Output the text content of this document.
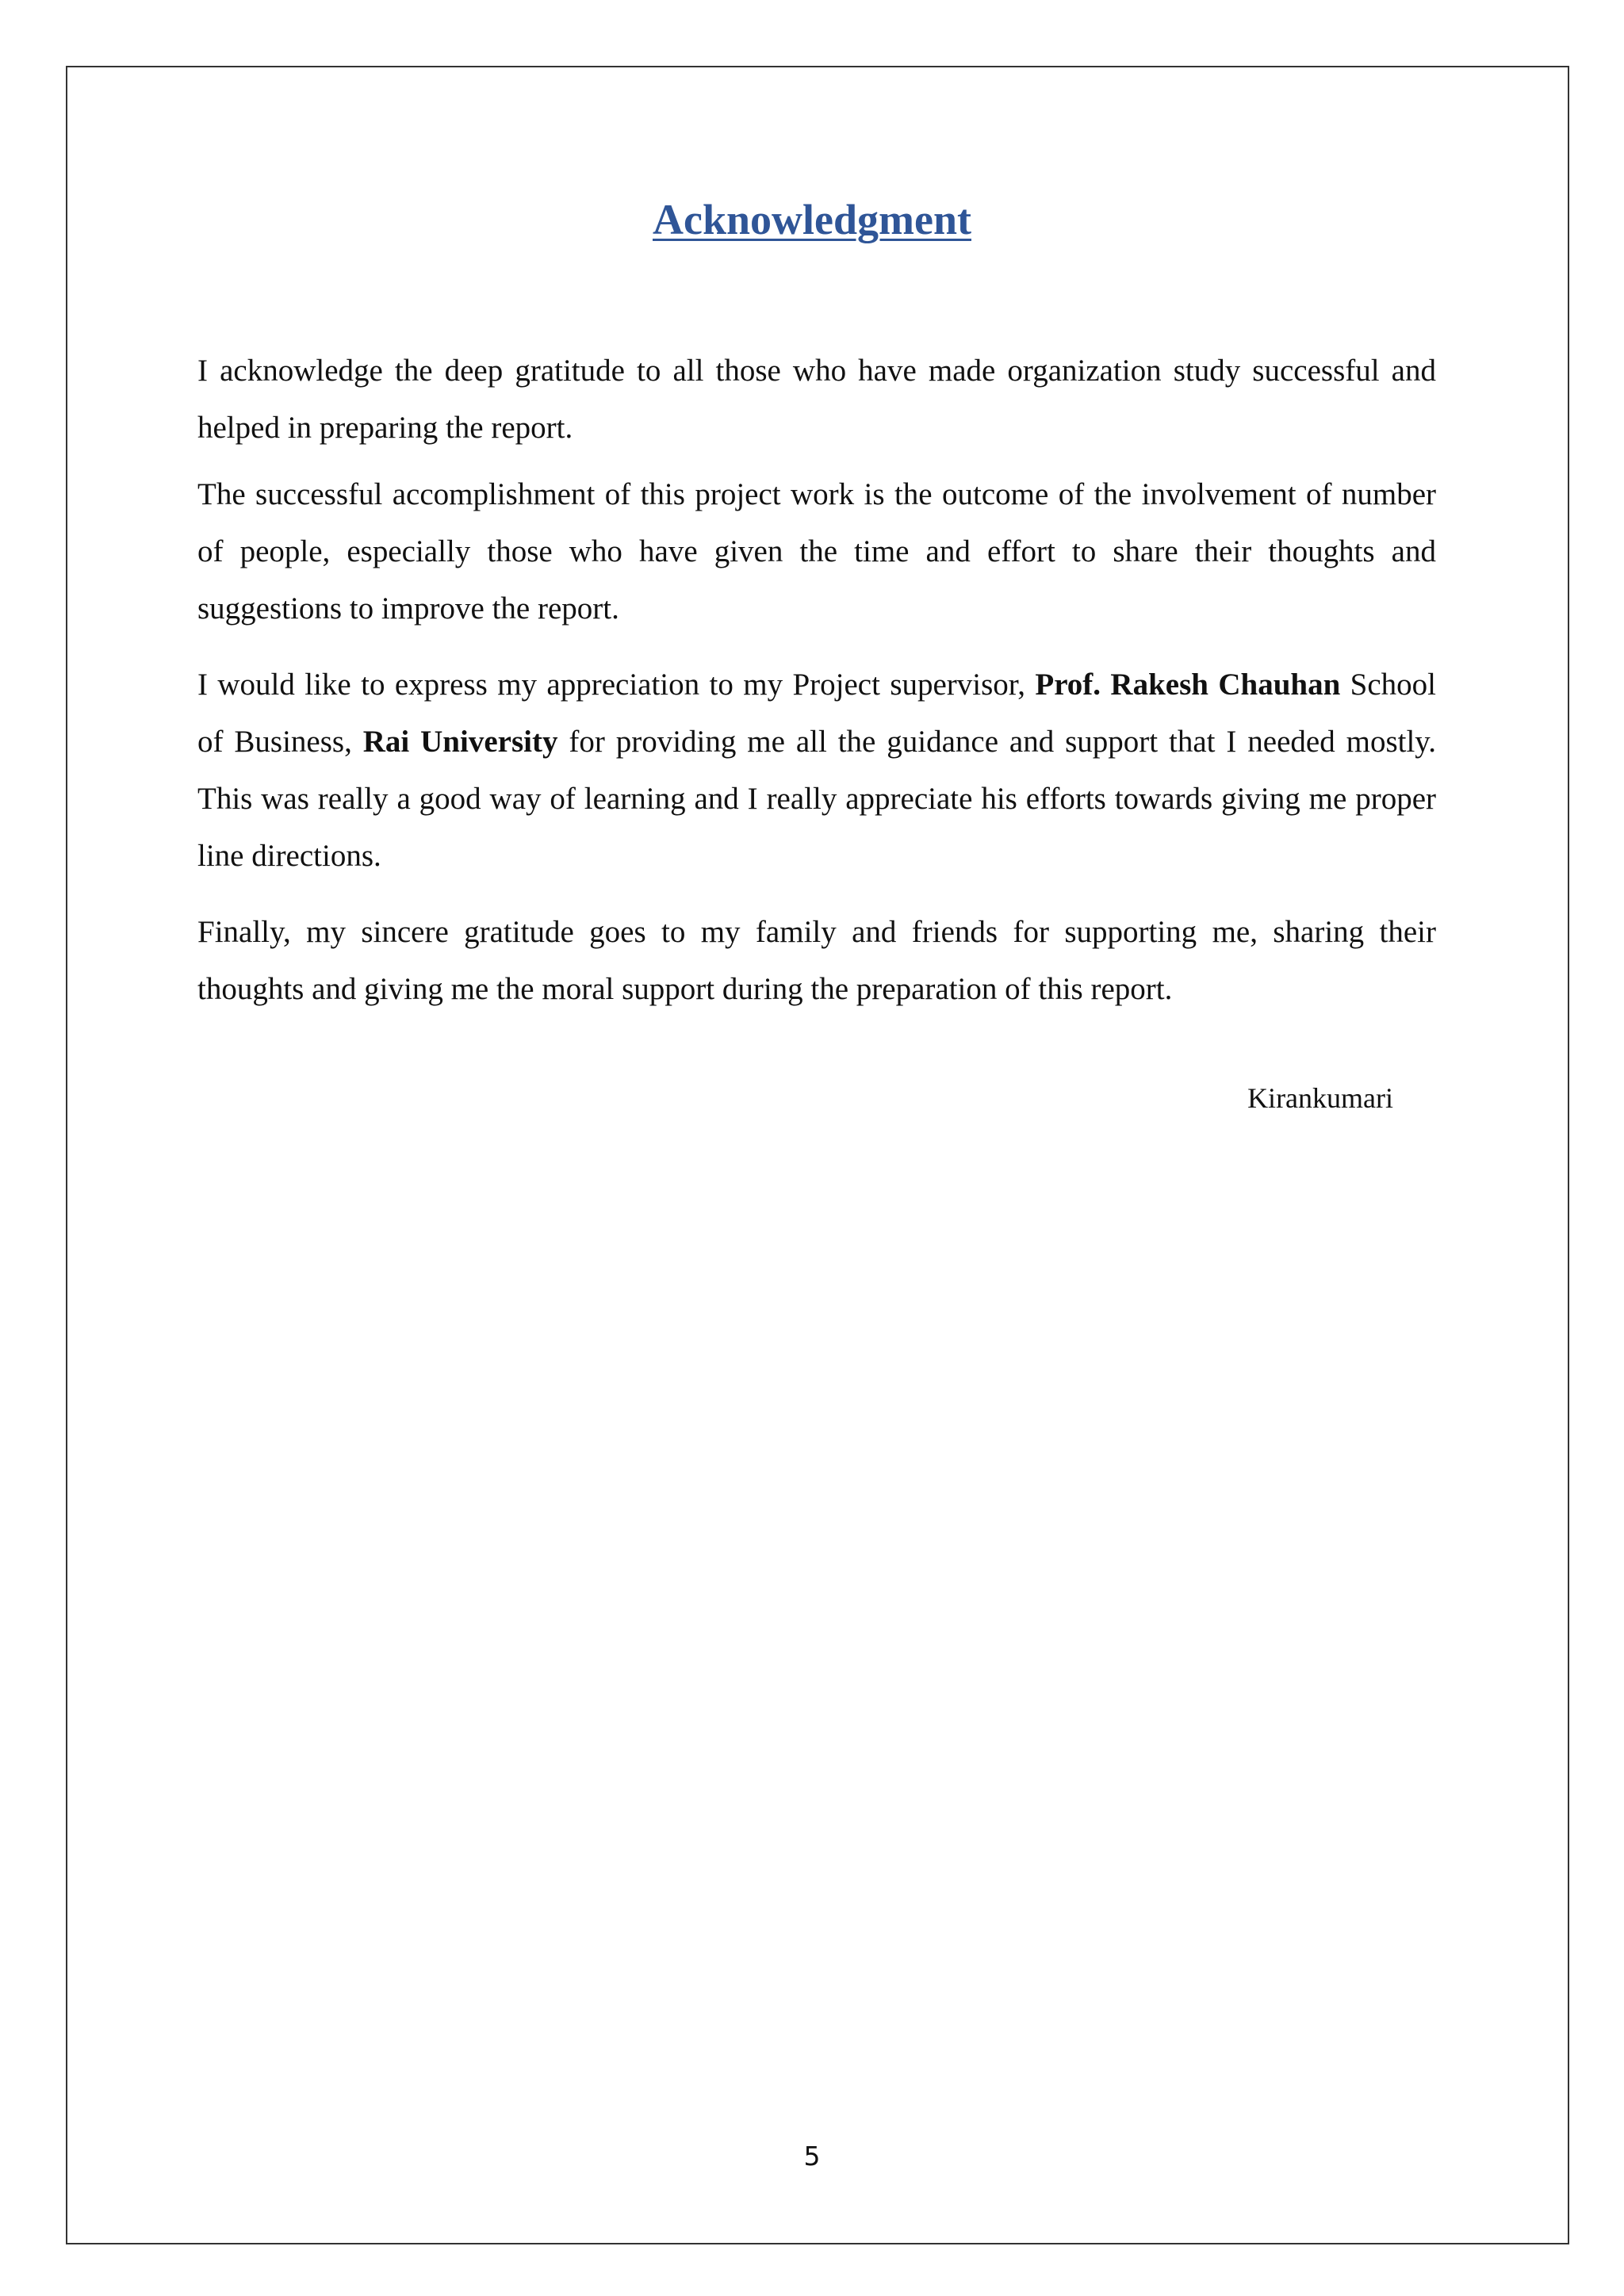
Acknowledgment

I acknowledge the deep gratitude to all those who have made organization study successful and helped in preparing the report.

The successful accomplishment of this project work is the outcome of the involvement of number of people, especially those who have given the time and effort to share their thoughts and suggestions to improve the report.

I would like to express my appreciation to my Project supervisor, Prof. Rakesh Chauhan School of Business, Rai University for providing me all the guidance and support that I needed mostly. This was really a good way of learning and I really appreciate his efforts towards giving me proper line directions.

Finally, my sincere gratitude goes to my family and friends for supporting me, sharing their thoughts and giving me the moral support during the preparation of this report.

Kirankumari

5
